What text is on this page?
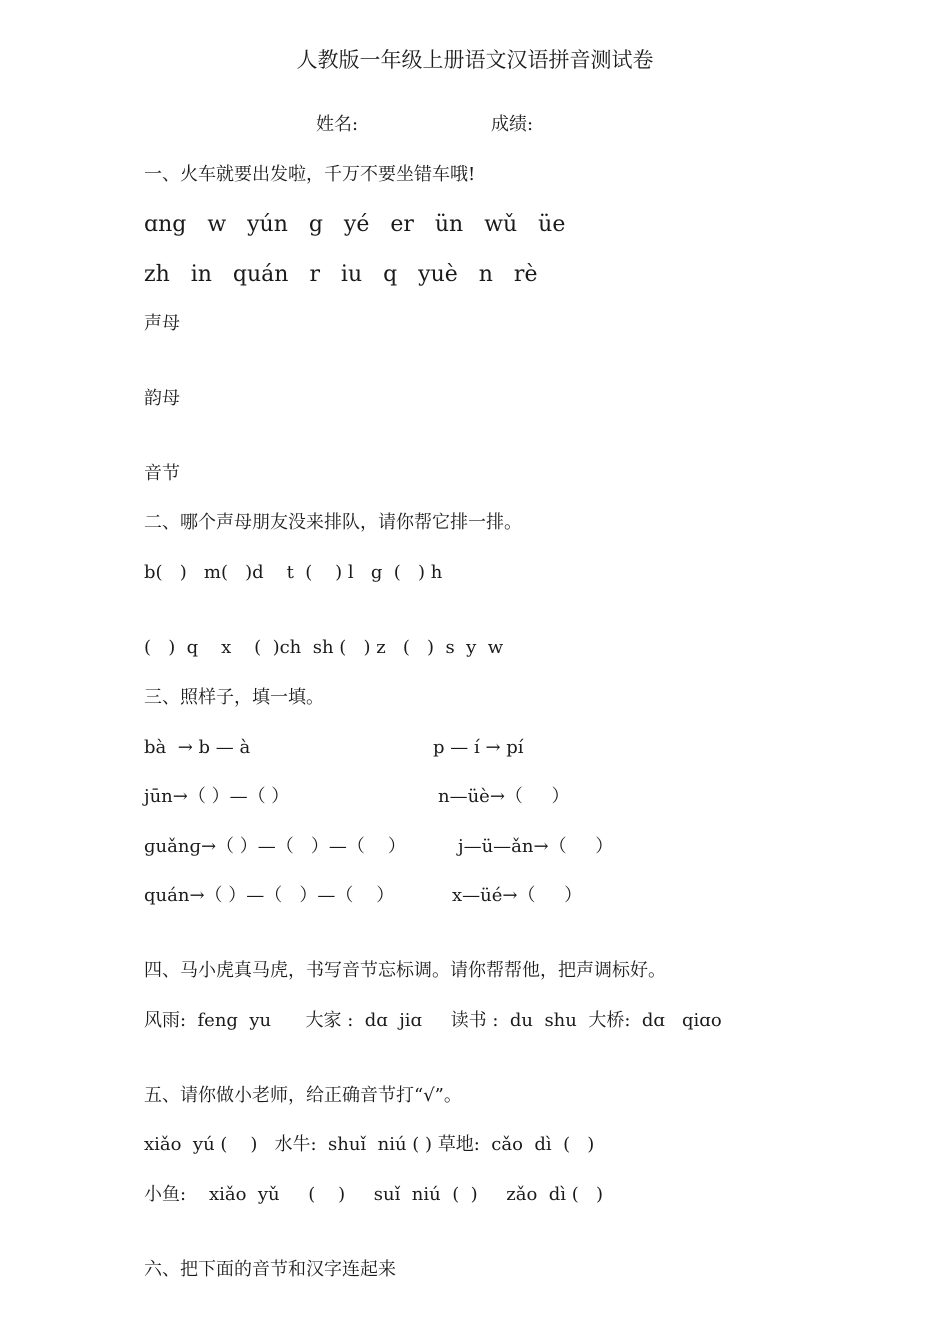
人教版一年级上册语文汉语拼音测试卷
姓名:	成绩:
一、火车就要出发啦，千万不要坐错车哦!
ɑng   w   yún   g   yé   er   ün   wǔ   üe
zh   in   quán   r   iu   q   yuè   n   rè
声母
韵母
音节
二、哪个声母朋友没来排队，请你帮它排一排。
b(   )   m(   )d    t  (    ) l   g  (   ) h
(   )  q    x    (  )ch  sh (   ) z   (   )  s  y  w
三、照样子，填一填。
bà  → b — à	p — í → pí
jūn→（ ）—（ ）	n—üè→（     ）
ɡuǎnɡ→（ ）—（   ）—（    ）	j—ü—ǎn→（     ）
quán→（ ）—（   ）—（    ）	x—üé→（     ）
四、马小虎真马虎，书写音节忘标调。请你帮帮他，把声调标好。
风雨:  feng  yu      大家 :  dɑ  jiɑ     读书 :  du  shu  大桥:  dɑ   qiɑo
五、请你做小老师，给正确音节打“√”。
xiǎo  yú (    )   水牛:  shuǐ  niú ( ) 草地:  cǎo  dì  (   )
小鱼:    xiǎo  yǔ     (    )     suǐ  niú  (  )     zǎo  dì (   )
六、把下面的音节和汉字连起来
